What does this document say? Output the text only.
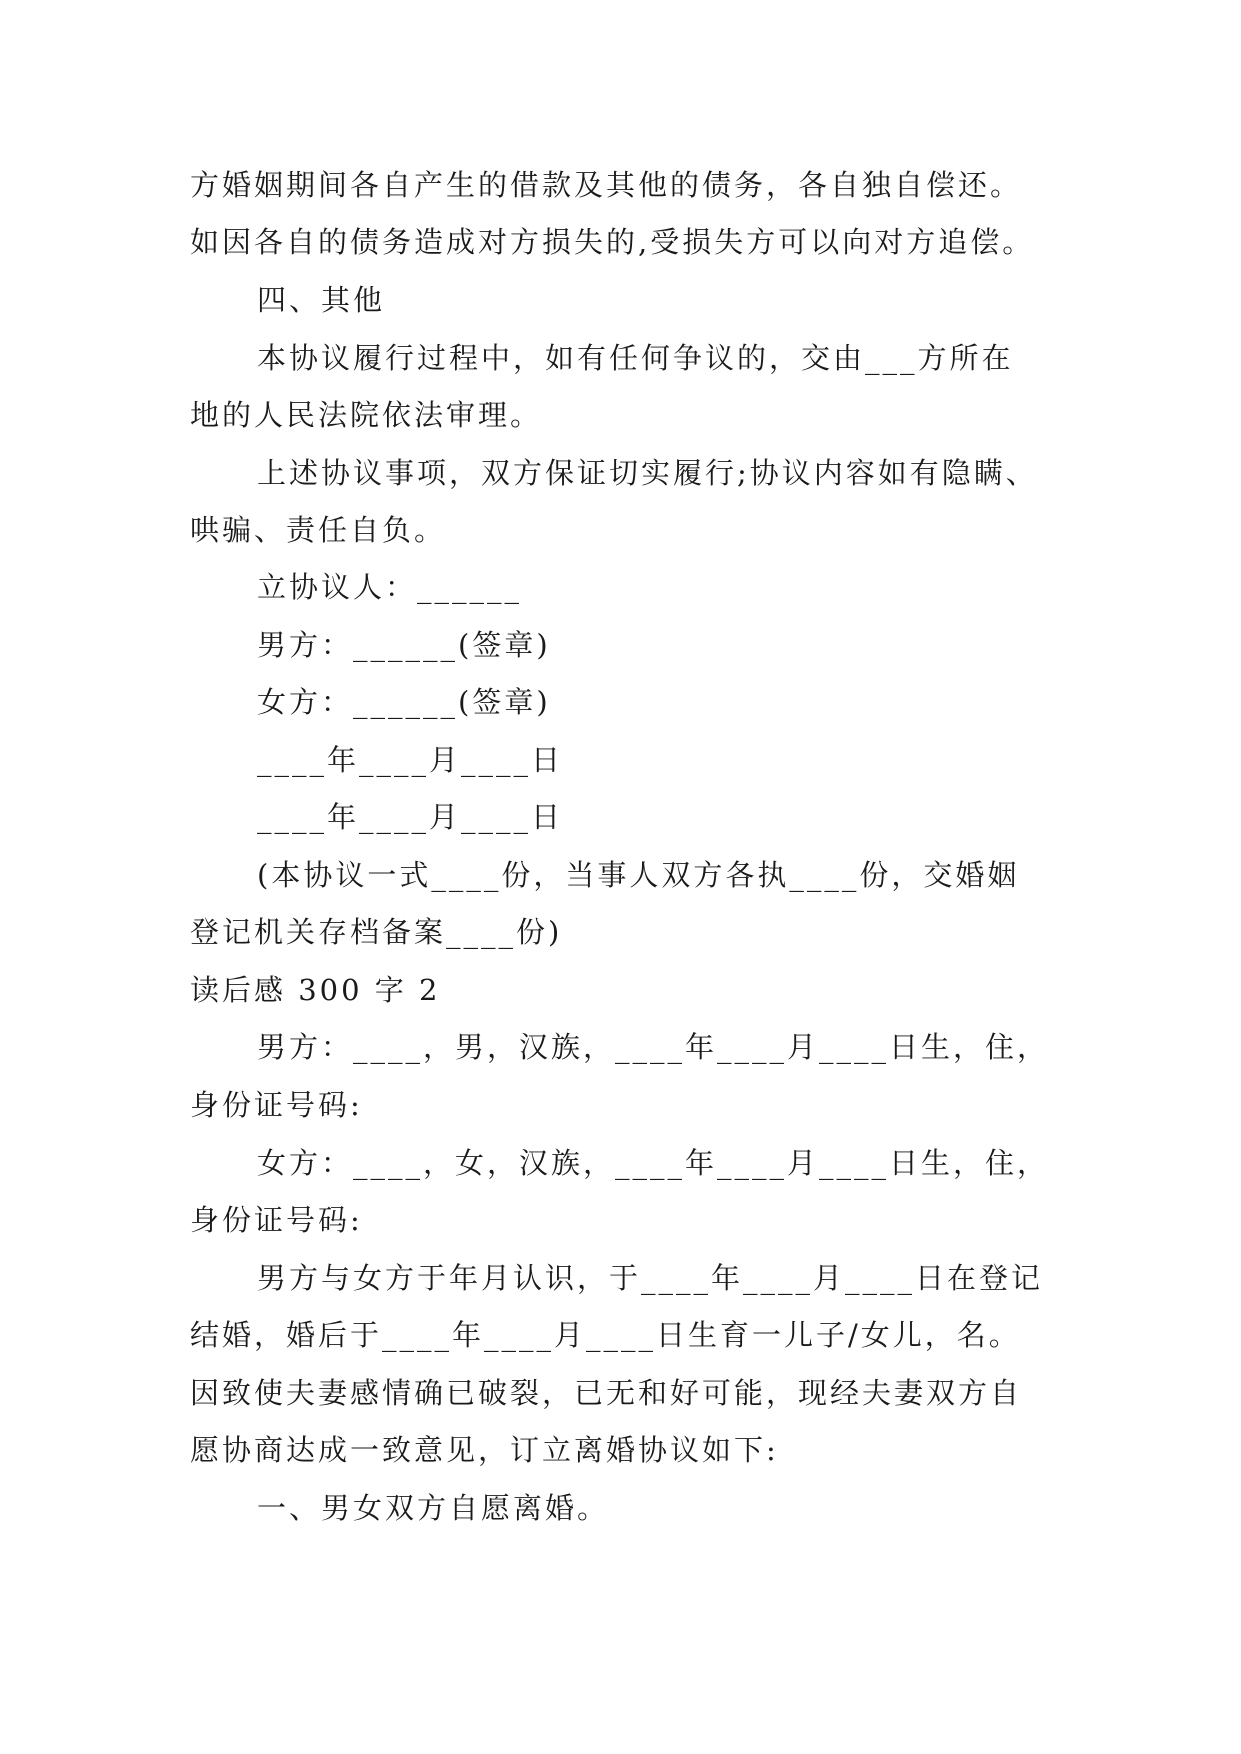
方婚姻期间各自产生的借款及其他的债务，各自独自偿还。
如因各自的债务造成对方损失的,受损失方可以向对方追偿。
四、其他
本协议履行过程中，如有任何争议的，交由___方所在
地的人民法院依法审理。
上述协议事项，双方保证切实履行;协议内容如有隐瞒、
哄骗、责任自负。
立协议人：______
男方：______(签章)
女方：______(签章)
____年____月____日
____年____月____日
(本协议一式____份，当事人双方各执____份，交婚姻
登记机关存档备案____份)
读后感 300 字 2
男方：____，男，汉族，____年____月____日生，住，
身份证号码:
女方：____，女，汉族，____年____月____日生，住，
身份证号码:
男方与女方于年月认识，于____年____月____日在登记
结婚，婚后于____年____月____日生育一儿子/女儿，名。
因致使夫妻感情确已破裂，已无和好可能，现经夫妻双方自
愿协商达成一致意见，订立离婚协议如下:
一、男女双方自愿离婚。
